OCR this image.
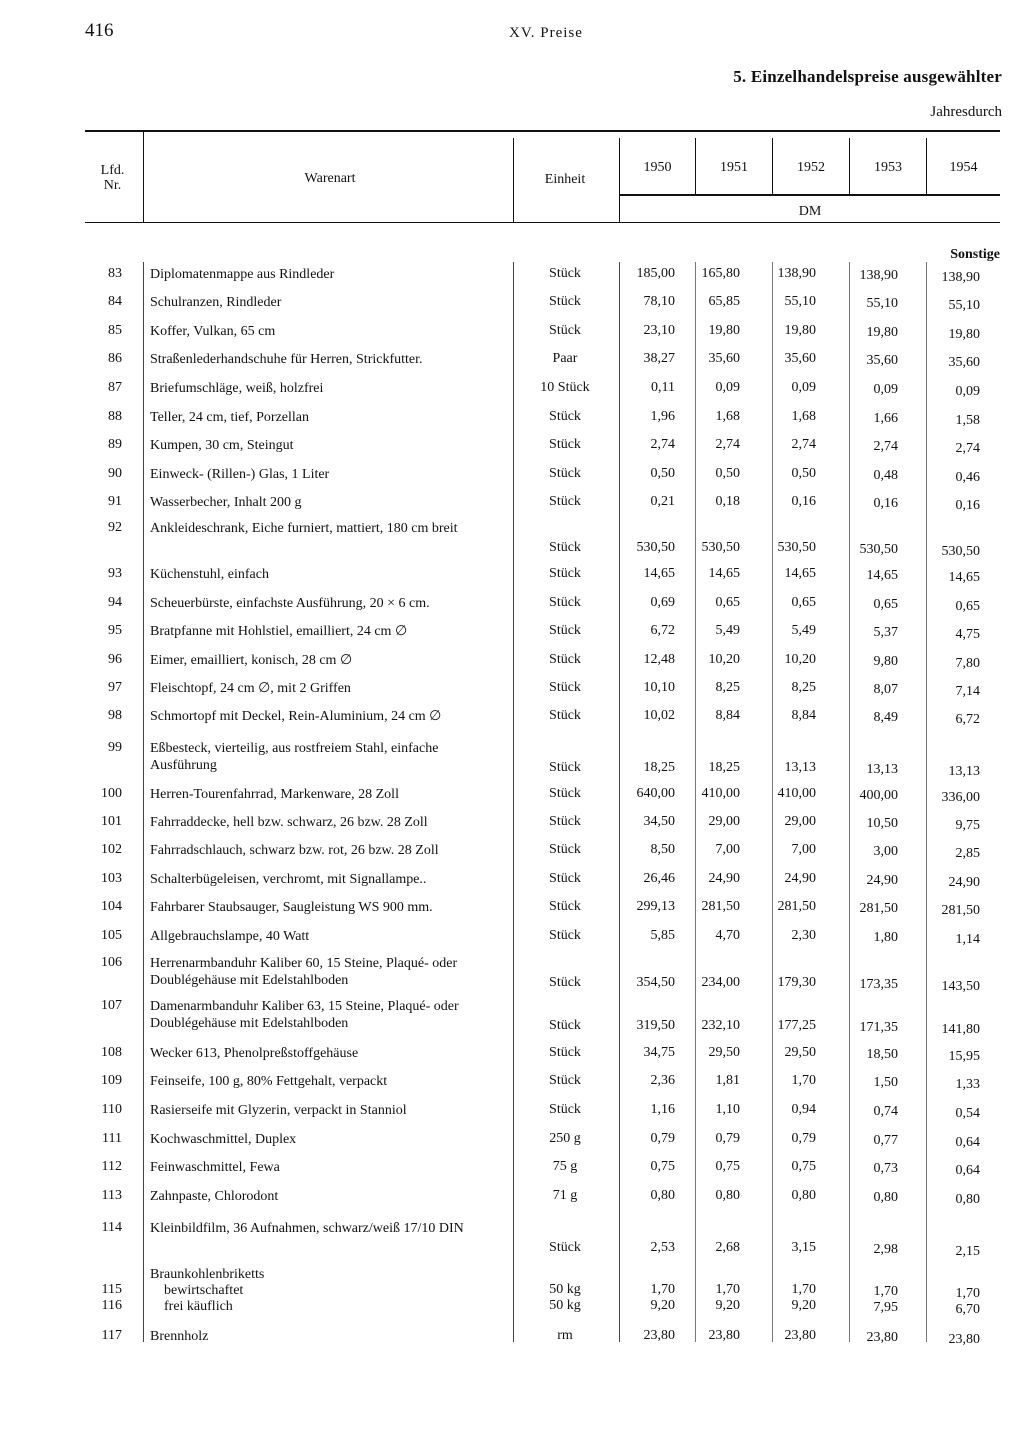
416	XV. Preise
5. Einzelhandelspreise ausgewählter
Jahresdurch
Lfd.
Nr.	Warenart	Einheit
1950	1951	1952	1953	1954
DM
Sonstige
83 Diplomatenmappe aus Rindleder	Stück	185,00	165,80	138,90	138,90	138,90
84 Schulranzen, Rindleder	Stück	78,10	65,85	55,10	55,10	55,10
85 Koffer, Vulkan, 65 cm	Stück	23,10	19,80	19,80	19,80	19,80
86 Straßenlederhandschuhe für Herren, Strickfutter.	Paar	38,27	35,60	35,60	35,60	35,60
87 Briefumschläge, weiß, holzfrei	10 Stück	0,11	0,09	0,09	0,09	0,09
88 Teller, 24 cm, tief, Porzellan	Stück	1,96	1,68	1,68	1,66	1,58
89 Kumpen, 30 cm, Steingut	Stück	2,74	2,74	2,74	2,74	2,74
90 Einweck- (Rillen-) Glas, 1 Liter	Stück	0,50	0,50	0,50	0,48	0,46
91 Wasserbecher, Inhalt 200 g	Stück	0,21	0,18	0,16	0,16	0,16
92 Ankleideschrank, Eiche furniert, mattiert, 180 cm breit
Stück	530,50	530,50	530,50	530,50	530,50
93 Küchenstuhl, einfach	Stück	14,65	14,65	14,65	14,65	14,65
94 Scheuerbürste, einfachste Ausführung, 20 × 6 cm.	Stück	0,69	0,65	0,65	0,65	0,65
95 Bratpfanne mit Hohlstiel, emailliert, 24 cm ∅	Stück	6,72	5,49	5,49	5,37	4,75
96 Eimer, emailliert, konisch, 28 cm ∅	Stück	12,48	10,20	10,20	9,80	7,80
97 Fleischtopf, 24 cm ∅, mit 2 Griffen	Stück	10,10	8,25	8,25	8,07	7,14
98 Schmortopf mit Deckel, Rein-Aluminium, 24 cm ∅	Stück	10,02	8,84	8,84	8,49	6,72
99 Eßbesteck, vierteilig, aus rostfreiem Stahl, einfache Ausführung	Stück	18,25	18,25	13,13	13,13	13,13
100 Herren-Tourenfahrrad, Markenware, 28 Zoll	Stück	640,00	410,00	410,00	400,00	336,00
101 Fahrraddecke, hell bzw. schwarz, 26 bzw. 28 Zoll	Stück	34,50	29,00	29,00	10,50	9,75
102 Fahrradschlauch, schwarz bzw. rot, 26 bzw. 28 Zoll	Stück	8,50	7,00	7,00	3,00	2,85
103 Schalterbügeleisen, verchromt, mit Signallampe..	Stück	26,46	24,90	24,90	24,90	24,90
104 Fahrbarer Staubsauger, Saugleistung WS 900 mm.	Stück	299,13	281,50	281,50	281,50	281,50
105 Allgebrauchslampe, 40 Watt	Stück	5,85	4,70	2,30	1,80	1,14
106 Herrenarmbanduhr Kaliber 60, 15 Steine, Plaqué- oder Doublégehäuse mit Edelstahlboden	Stück	354,50	234,00	179,30	173,35	143,50
107 Damenarmbanduhr Kaliber 63, 15 Steine, Plaqué- oder Doublégehäuse mit Edelstahlboden	Stück	319,50	232,10	177,25	171,35	141,80
108 Wecker 613, Phenolpreßstoffgehäuse	Stück	34,75	29,50	29,50	18,50	15,95
109 Feinseife, 100 g, 80% Fettgehalt, verpackt	Stück	2,36	1,81	1,70	1,50	1,33
110 Rasierseife mit Glyzerin, verpackt in Stanniol	Stück	1,16	1,10	0,94	0,74	0,54
111 Kochwaschmittel, Duplex	250 g	0,79	0,79	0,79	0,77	0,64
112 Feinwaschmittel, Fewa	75 g	0,75	0,75	0,75	0,73	0,64
113 Zahnpaste, Chlorodont	71 g	0,80	0,80	0,80	0,80	0,80
114 Kleinbildfilm, 36 Aufnahmen, schwarz/weiß 17/10 DIN
Stück	2,53	2,68	3,15	2,98	2,15
Braunkohlenbriketts
115	bewirtschaftet	50 kg	1,70	1,70	1,70	1,70	1,70
116	frei käuflich	50 kg	9,20	9,20	9,20	7,95	6,70
117 Brennholz	rm	23,80	23,80	23,80	23,80	23,80
